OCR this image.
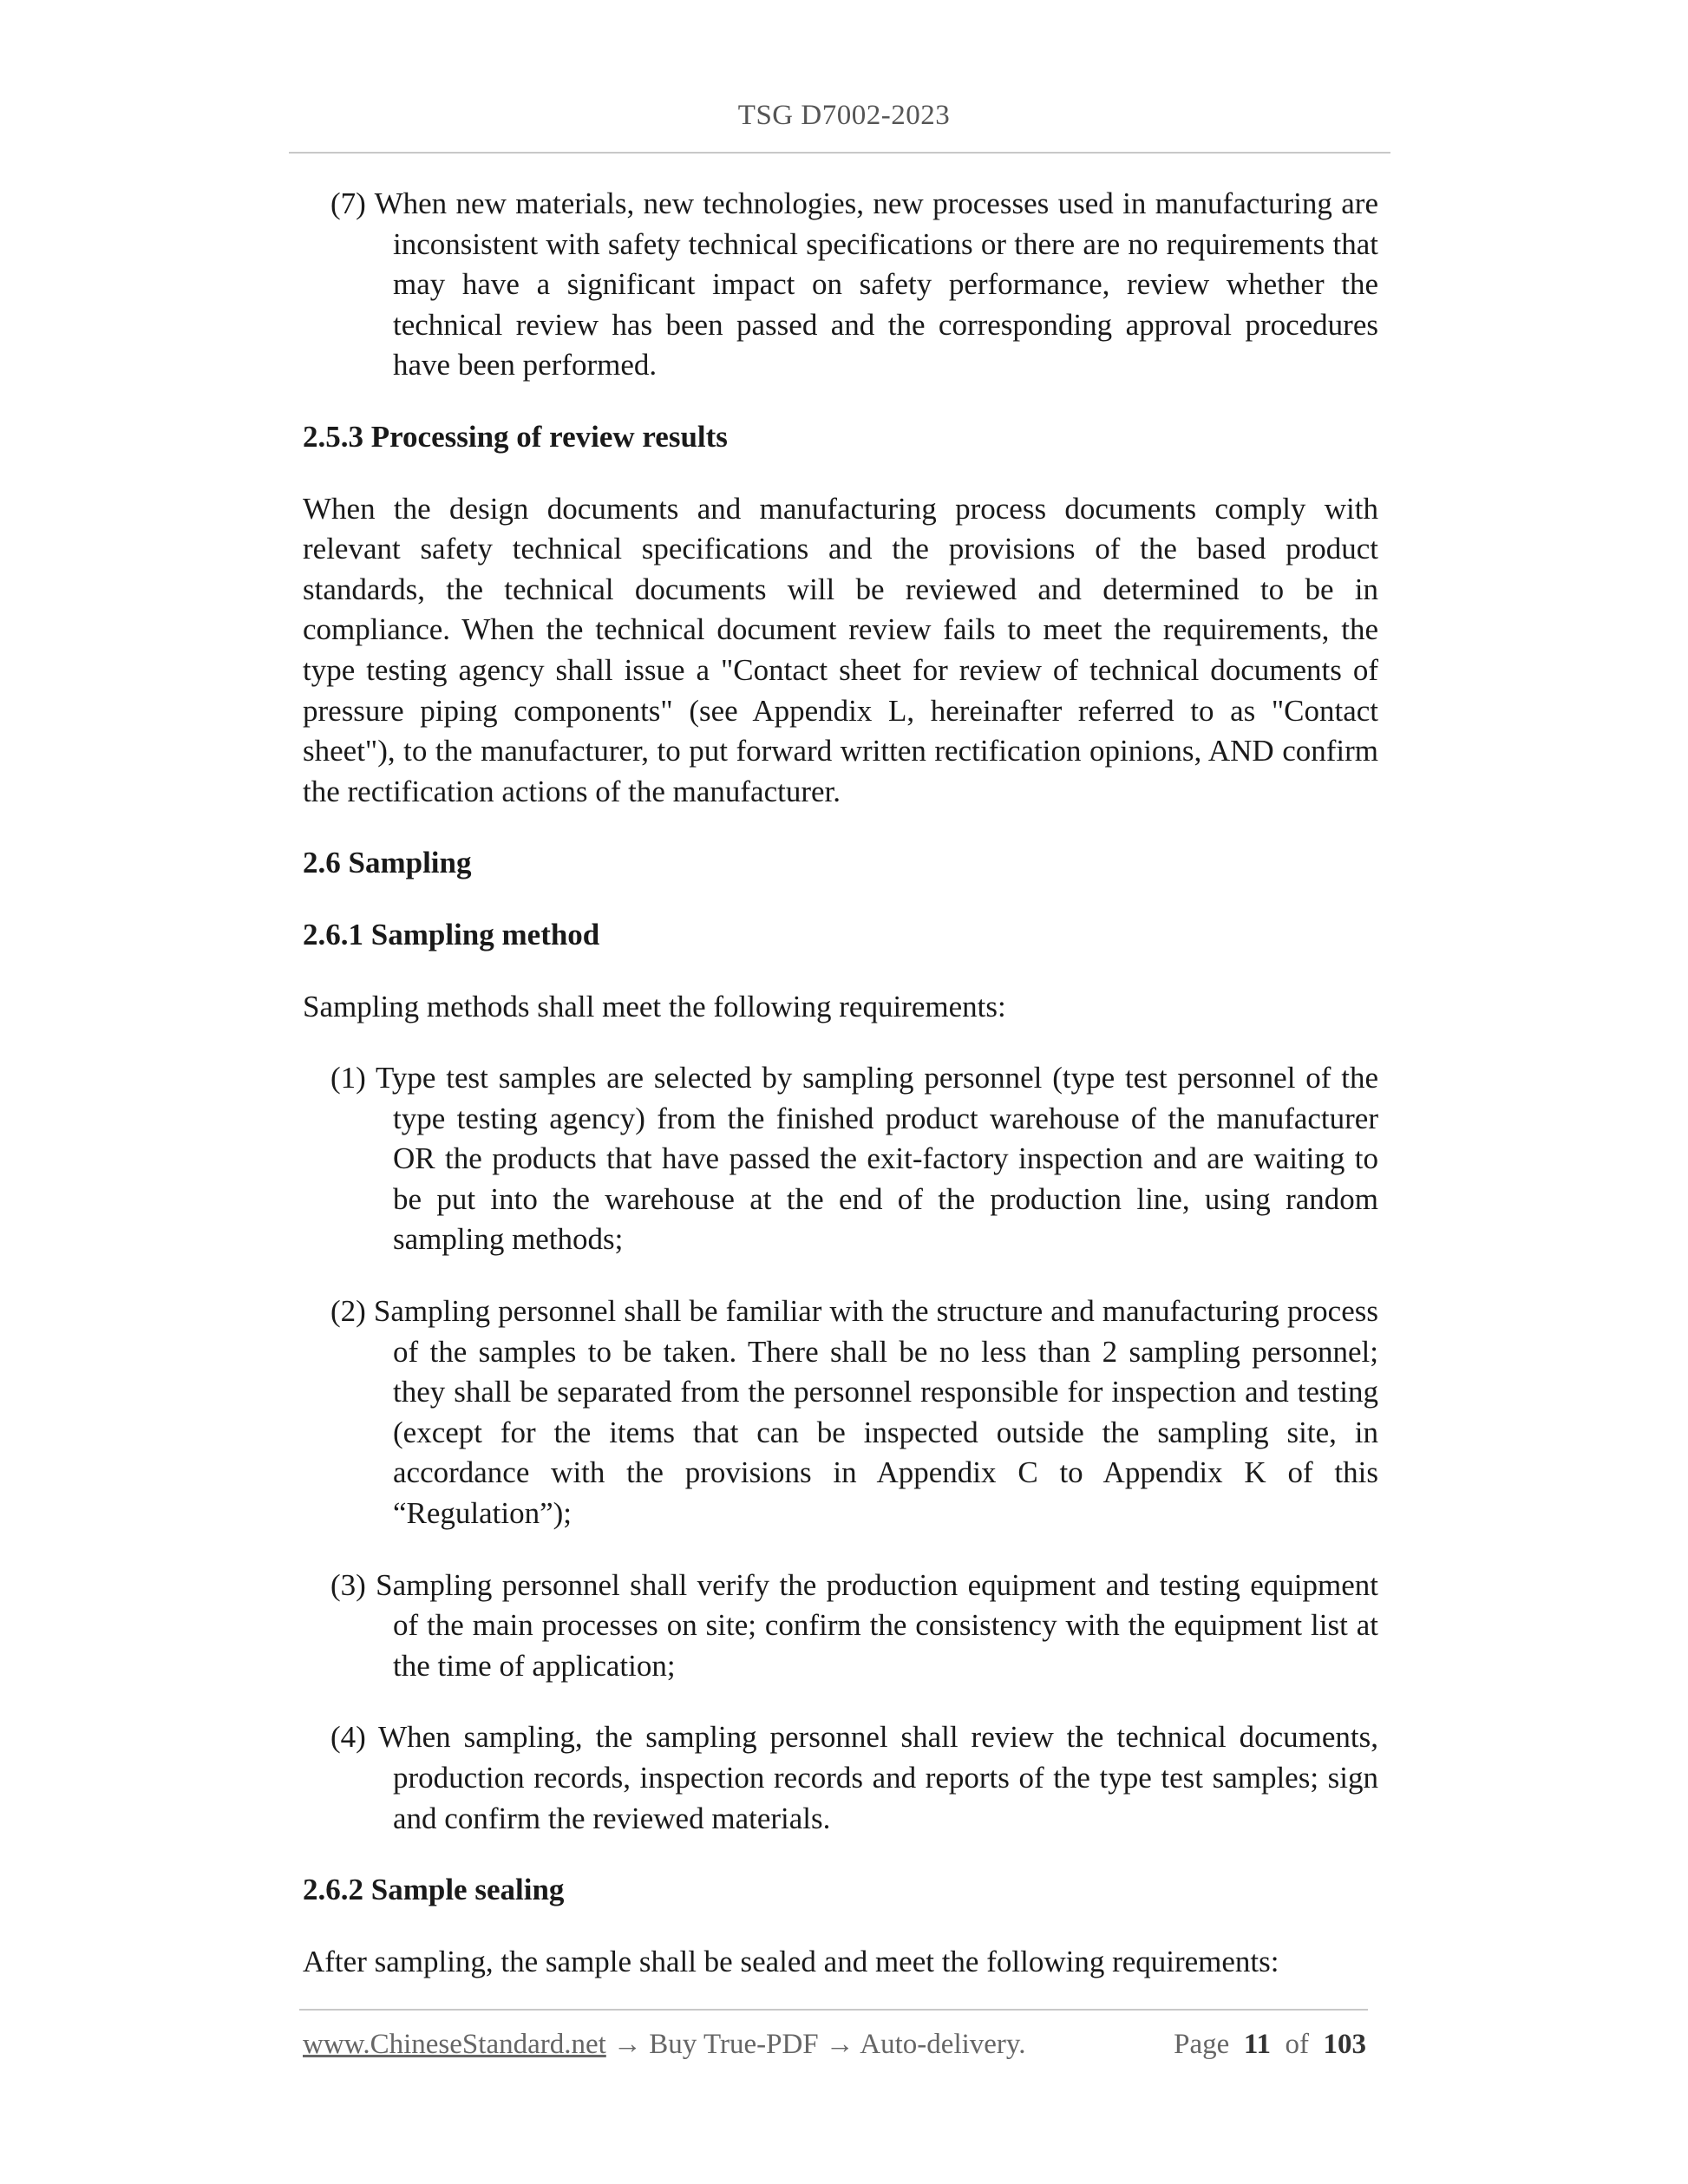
TSG D7002-2023
(7) When new materials, new technologies, new processes used in manufacturing are inconsistent with safety technical specifications or there are no requirements that may have a significant impact on safety performance, review whether the technical review has been passed and the corresponding approval procedures have been performed.
2.5.3 Processing of review results
When the design documents and manufacturing process documents comply with relevant safety technical specifications and the provisions of the based product standards, the technical documents will be reviewed and determined to be in compliance. When the technical document review fails to meet the requirements, the type testing agency shall issue a "Contact sheet for review of technical documents of pressure piping components" (see Appendix L, hereinafter referred to as "Contact sheet"), to the manufacturer, to put forward written rectification opinions, AND confirm the rectification actions of the manufacturer.
2.6 Sampling
2.6.1 Sampling method
Sampling methods shall meet the following requirements:
(1) Type test samples are selected by sampling personnel (type test personnel of the type testing agency) from the finished product warehouse of the manufacturer OR the products that have passed the exit-factory inspection and are waiting to be put into the warehouse at the end of the production line, using random sampling methods;
(2) Sampling personnel shall be familiar with the structure and manufacturing process of the samples to be taken. There shall be no less than 2 sampling personnel; they shall be separated from the personnel responsible for inspection and testing (except for the items that can be inspected outside the sampling site, in accordance with the provisions in Appendix C to Appendix K of this “Regulation”);
(3) Sampling personnel shall verify the production equipment and testing equipment of the main processes on site; confirm the consistency with the equipment list at the time of application;
(4) When sampling, the sampling personnel shall review the technical documents, production records, inspection records and reports of the type test samples; sign and confirm the reviewed materials.
2.6.2 Sample sealing
After sampling, the sample shall be sealed and meet the following requirements:
www.ChineseStandard.net → Buy True-PDF → Auto-delivery.	Page 11 of 103
